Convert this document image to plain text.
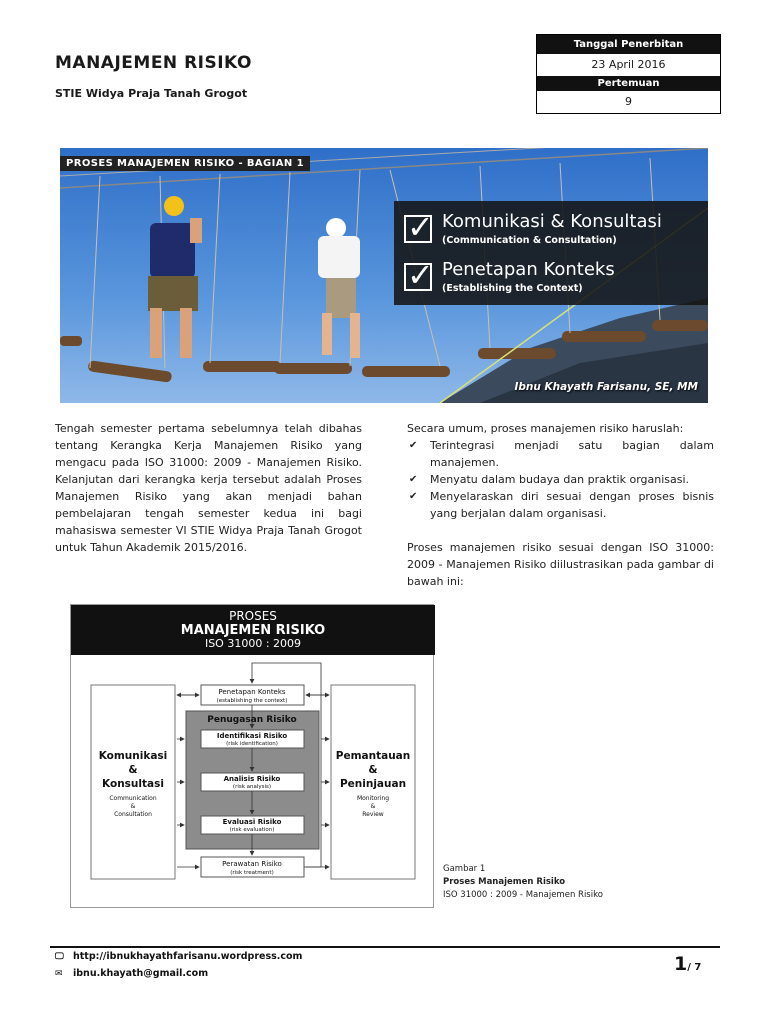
MANAJEMEN RISIKO
STIE Widya Praja Tanah Grogot
Tanggal Penerbitan
23 April 2016
Pertemuan
9
PROSES MANAJEMEN RISIKO - BAGIAN 1
✓
Komunikasi & Konsultasi
(Communication & Consultation)
✓
Penetapan Konteks
(Establishing the Context)
Ibnu Khayath Farisanu, SE, MM
Tengah semester pertama sebelumnya telah dibahas tentang Kerangka Kerja Manajemen Risiko yang mengacu pada ISO 31000: 2009 - Manajemen Risiko. Kelanjutan dari kerangka kerja tersebut adalah Proses Manajemen Risiko yang akan menjadi bahan pembelajaran tengah semester kedua ini bagi mahasiswa semester VI STIE Widya Praja Tanah Grogot untuk Tahun Akademik 2015/2016.

Secara umum, proses manajemen risiko haruslah:

✔ Terintegrasi menjadi satu bagian dalam manajemen.
✔ Menyatu dalam budaya dan praktik organisasi.
✔ Menyelaraskan diri sesuai dengan proses bisnis yang berjalan dalam organisasi.

Proses manajemen risiko sesuai dengan ISO 31000: 2009 - Manajemen Risiko diilustrasikan pada gambar di bawah ini:

PROSES
MANAJEMEN RISIKO
ISO 31000 : 2009
Komunikasi
&
Konsultasi
Communication
&
Consultation
Pemantauan
&
Peninjauan
Monitoring
&
Review
Penetapan Konteks
(establishing the context)
Penugasan Risiko
Identifikasi Risiko
(risk identification)
Analisis Risiko
(risk analysis)
Evaluasi Risiko
(risk evaluation)
Perawatan Risiko
(risk treatment)	Gambar 1
Proses Manajemen Risiko
ISO 31000 : 2009 - Manajemen Risiko
🖵 http://ibnukhayathfarisanu.wordpress.com
✉ ibnu.khayath@gmail.com	1/ 7
